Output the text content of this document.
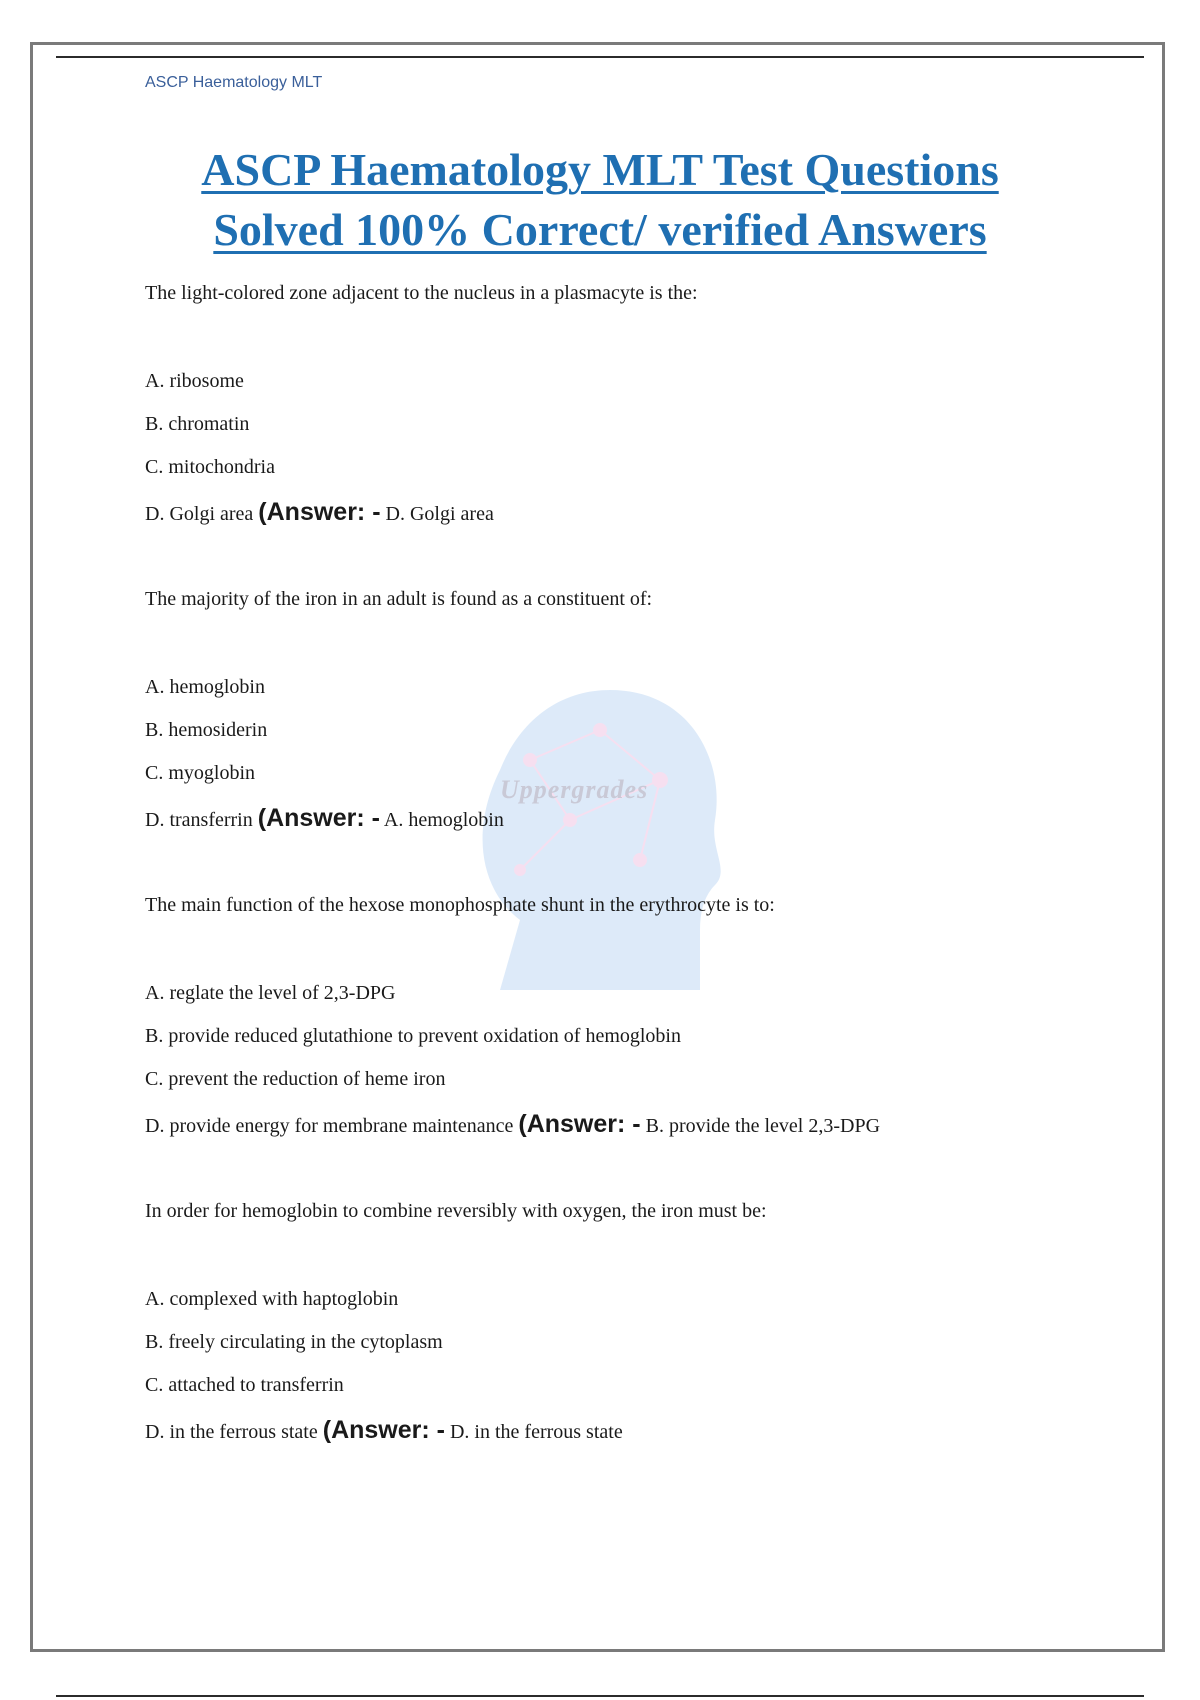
ASCP Haematology MLT
ASCP Haematology MLT Test Questions
Solved 100% Correct/ verified Answers
Uppergrades
The light-colored zone adjacent to the nucleus in a plasmacyte is the:
A. ribosome
B. chromatin
C. mitochondria
D. Golgi area (Answer: - D. Golgi area
The majority of the iron in an adult is found as a constituent of:
A. hemoglobin
B. hemosiderin
C. myoglobin
D. transferrin (Answer: - A. hemoglobin
The main function of the hexose monophosphate shunt in the erythrocyte is to:
A. reglate the level of 2,3-DPG
B. provide reduced glutathione to prevent oxidation of hemoglobin
C. prevent the reduction of heme iron
D. provide energy for membrane maintenance (Answer: - B. provide the level 2,3-DPG
In order for hemoglobin to combine reversibly with oxygen, the iron must be:
A. complexed with haptoglobin
B. freely circulating in the cytoplasm
C. attached to transferrin
D. in the ferrous state (Answer: - D. in the ferrous state
